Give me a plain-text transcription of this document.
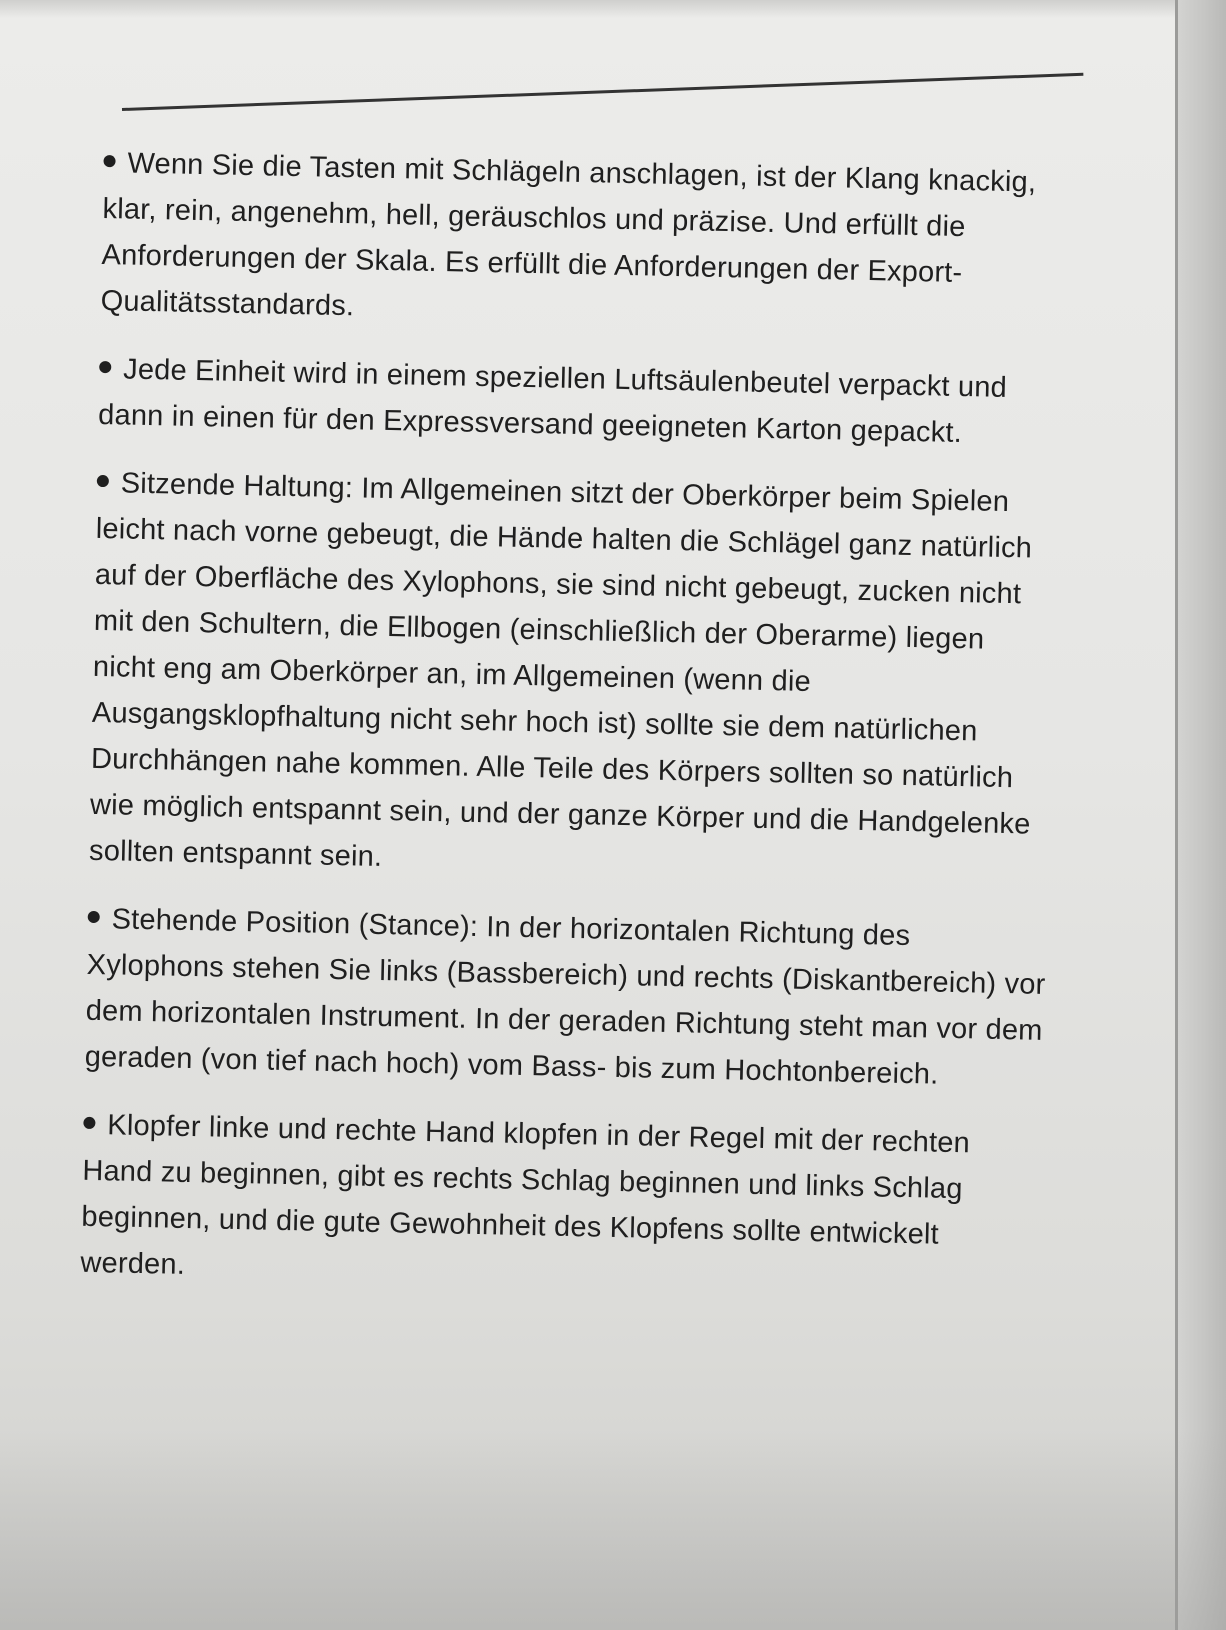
Wenn Sie die Tasten mit Schlägeln anschlagen, ist der Klang knackig, klar, rein, angenehm, hell, geräuschlos und präzise. Und erfüllt die Anforderungen der Skala. Es erfüllt die Anforderungen der Export-Qualitätsstandards.

Jede Einheit wird in einem speziellen Luftsäulenbeutel verpackt und dann in einen für den Expressversand geeigneten Karton gepackt.

Sitzende Haltung: Im Allgemeinen sitzt der Oberkörper beim Spielen leicht nach vorne gebeugt, die Hände halten die Schlägel ganz natürlich auf der Oberfläche des Xylophons, sie sind nicht gebeugt, zucken nicht mit den Schultern, die Ellbogen (einschließlich der Oberarme) liegen nicht eng am Oberkörper an, im Allgemeinen (wenn die Ausgangsklopfhaltung nicht sehr hoch ist) sollte sie dem natürlichen Durchhängen nahe kommen. Alle Teile des Körpers sollten so natürlich wie möglich entspannt sein, und der ganze Körper und die Handgelenke sollten entspannt sein.

Stehende Position (Stance): In der horizontalen Richtung des Xylophons stehen Sie links (Bassbereich) und rechts (Diskantbereich) vor dem horizontalen Instrument. In der geraden Richtung steht man vor dem geraden (von tief nach hoch) vom Bass- bis zum Hochtonbereich.

Klopfer linke und rechte Hand klopfen in der Regel mit der rechten Hand zu beginnen, gibt es rechts Schlag beginnen und links Schlag beginnen, und die gute Gewohnheit des Klopfens sollte entwickelt werden.
